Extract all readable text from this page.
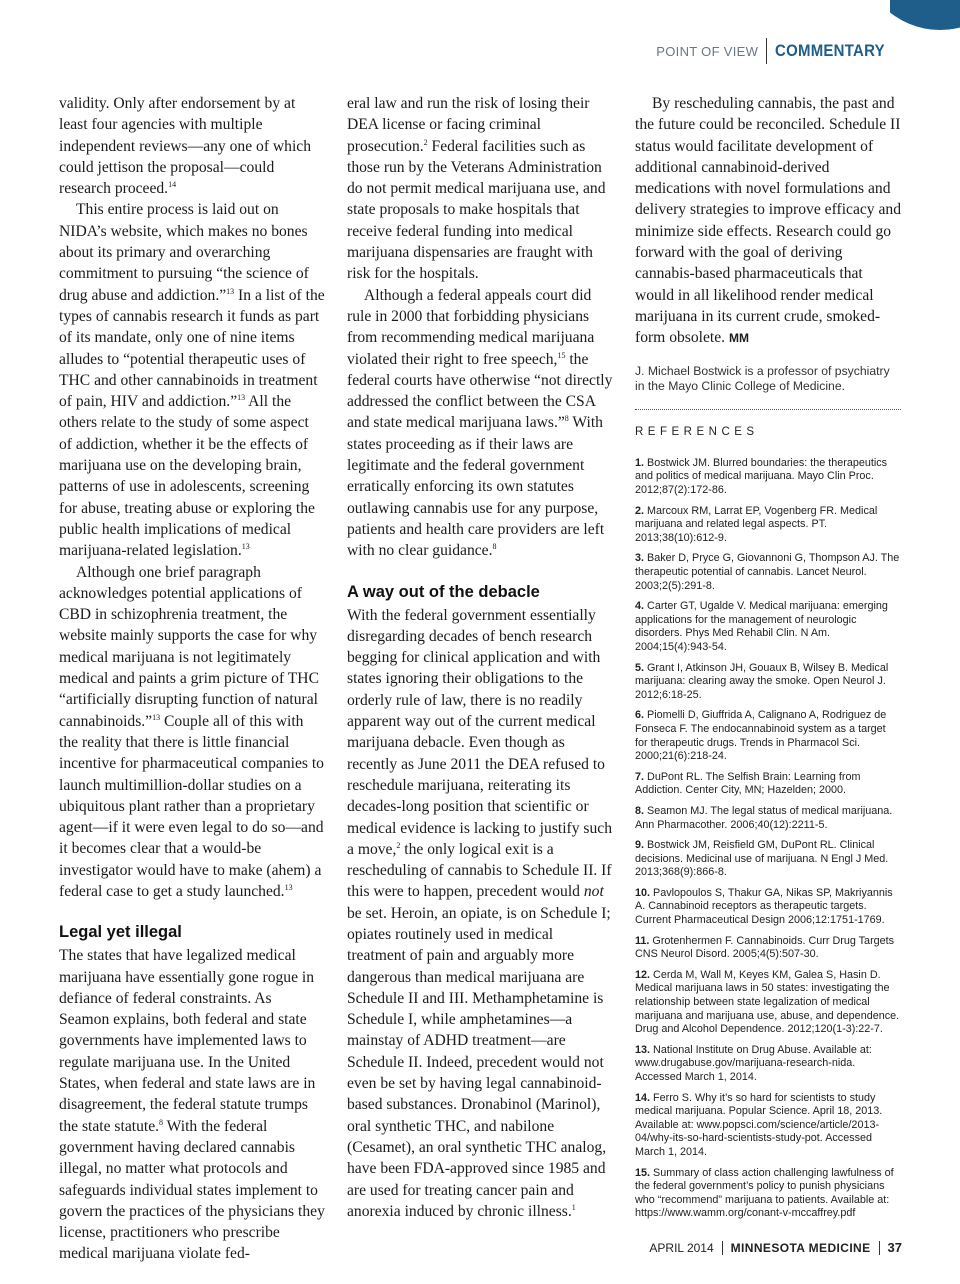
POINT OF VIEW COMMENTARY

validity. Only after endorsement by at least four agencies with multiple independent reviews—any one of which could jettison the proposal—could research proceed.$^{14}$

This entire process is laid out on NIDA’s website, which makes no bones about its primary and overarching commitment to pursuing “the science of drug abuse and addiction.”$^{13}$ In a list of the types of cannabis research it funds as part of its mandate, only one of nine items alludes to “potential therapeutic uses of THC and other cannabinoids in treatment of pain, HIV and addiction.”$^{13}$ All the others relate to the study of some aspect of addiction, whether it be the effects of marijuana use on the developing brain, patterns of use in adolescents, screening for abuse, treating abuse or exploring the public health implications of medical marijuana-related legislation.$^{13}$

Although one brief paragraph acknowledges potential applications of CBD in schizophrenia treatment, the website mainly supports the case for why medical marijuana is not legitimately medical and paints a grim picture of THC “artificially disrupting function of natural cannabinoids.”$^{13}$ Couple all of this with the reality that there is little financial incentive for pharmaceutical companies to launch multimillion-dollar studies on a ubiquitous plant rather than a proprietary agent—if it were even legal to do so—and it becomes clear that a would-be investigator would have to make (ahem) a federal case to get a study launched.$^{13}$

Legal yet illegal

The states that have legalized medical marijuana have essentially gone rogue in defiance of federal constraints. As Seamon explains, both federal and state governments have implemented laws to regulate marijuana use. In the United States, when federal and state laws are in disagreement, the federal statute trumps the state statute.$^8$ With the federal government having declared cannabis illegal, no matter what protocols and safeguards individual states implement to govern the practices of the physicians they license, practitioners who prescribe medical marijuana violate fed-

eral law and run the risk of losing their DEA license or facing criminal prosecution.$^2$ Federal facilities such as those run by the Veterans Administration do not permit medical marijuana use, and state proposals to make hospitals that receive federal funding into medical marijuana dispensaries are fraught with risk for the hospitals.

Although a federal appeals court did rule in 2000 that forbidding physicians from recommending medical marijuana violated their right to free speech,$^{15}$ the federal courts have otherwise “not directly addressed the conflict between the CSA and state medical marijuana laws.”$^8$ With states proceeding as if their laws are legitimate and the federal government erratically enforcing its own statutes outlawing cannabis use for any purpose, patients and health care providers are left with no clear guidance.$^8$

A way out of the debacle

With the federal government essentially disregarding decades of bench research begging for clinical application and with states ignoring their obligations to the orderly rule of law, there is no readily apparent way out of the current medical marijuana debacle. Even though as recently as June 2011 the DEA refused to reschedule marijuana, reiterating its decades-long position that scientific or medical evidence is lacking to justify such a move,$^2$ the only logical exit is a rescheduling of cannabis to Schedule II. If this were to happen, precedent would not be set. Heroin, an opiate, is on Schedule I; opiates routinely used in medical treatment of pain and arguably more dangerous than medical marijuana are Schedule II and III. Methamphetamine is Schedule I, while amphetamines—a mainstay of ADHD treatment—are Schedule II. Indeed, precedent would not even be set by having legal cannabinoid-based substances. Dronabinol (Marinol), oral synthetic THC, and nabilone (Cesamet), an oral synthetic THC analog, have been FDA-approved since 1985 and are used for treating cancer pain and anorexia induced by chronic illness.$^1$

By rescheduling cannabis, the past and the future could be reconciled. Schedule II status would facilitate development of additional cannabinoid-derived medications with novel formulations and delivery strategies to improve efficacy and minimize side effects. Research could go forward with the goal of deriving cannabis-based pharmaceuticals that would in all likelihood render medical marijuana in its current crude, smoked-form obsolete. MM

J. Michael Bostwick is a professor of psychiatry in the Mayo Clinic College of Medicine.
REFERENCES
1. Bostwick JM. Blurred boundaries: the therapeutics and politics of medical marijuana. Mayo Clin Proc. 2012;87(2):172-86.
2. Marcoux RM, Larrat EP, Vogenberg FR. Medical marijuana and related legal aspects. PT. 2013;38(10):612-9.
3. Baker D, Pryce G, Giovannoni G, Thompson AJ. The therapeutic potential of cannabis. Lancet Neurol. 2003;2(5):291-8.
4. Carter GT, Ugalde V. Medical marijuana: emerging applications for the management of neurologic disorders. Phys Med Rehabil Clin. N Am. 2004;15(4):943-54.
5. Grant I, Atkinson JH, Gouaux B, Wilsey B. Medical marijuana: clearing away the smoke. Open Neurol J. 2012;6:18-25.
6. Piomelli D, Giuffrida A, Calignano A, Rodriguez de Fonseca F. The endocannabinoid system as a target for therapeutic drugs. Trends in Pharmacol Sci. 2000;21(6):218-24.
7. DuPont RL. The Selfish Brain: Learning from Addiction. Center City, MN; Hazelden; 2000.
8. Seamon MJ. The legal status of medical marijuana. Ann Pharmacother. 2006;40(12):2211-5.
9. Bostwick JM, Reisfield GM, DuPont RL. Clinical decisions. Medicinal use of marijuana. N Engl J Med. 2013;368(9):866-8.
10. Pavlopoulos S, Thakur GA, Nikas SP, Makriyannis A. Cannabinoid receptors as therapeutic targets. Current Pharmaceutical Design 2006;12:1751-1769.
11. Grotenhermen F. Cannabinoids. Curr Drug Targets CNS Neurol Disord. 2005;4(5):507-30.
12. Cerda M, Wall M, Keyes KM, Galea S, Hasin D. Medical marijuana laws in 50 states: investigating the relationship between state legalization of medical marijuana and marijuana use, abuse, and dependence. Drug and Alcohol Dependence. 2012;120(1-3):22-7.
13. National Institute on Drug Abuse. Available at: www.drugabuse.gov/marijuana-research-nida. Accessed March 1, 2014.
14. Ferro S. Why it’s so hard for scientists to study medical marijuana. Popular Science. April 18, 2013. Available at: www.popsci.com/science/article/2013-04/why-its-so-hard-scientists-study-pot. Accessed March 1, 2014.
15. Summary of class action challenging lawfulness of the federal government’s policy to punish physicians who “recommend” marijuana to patients. Available at: https://www.wamm.org/conant-v-mccaffrey.pdf
APRIL 2014 MINNESOTA MEDICINE 37
